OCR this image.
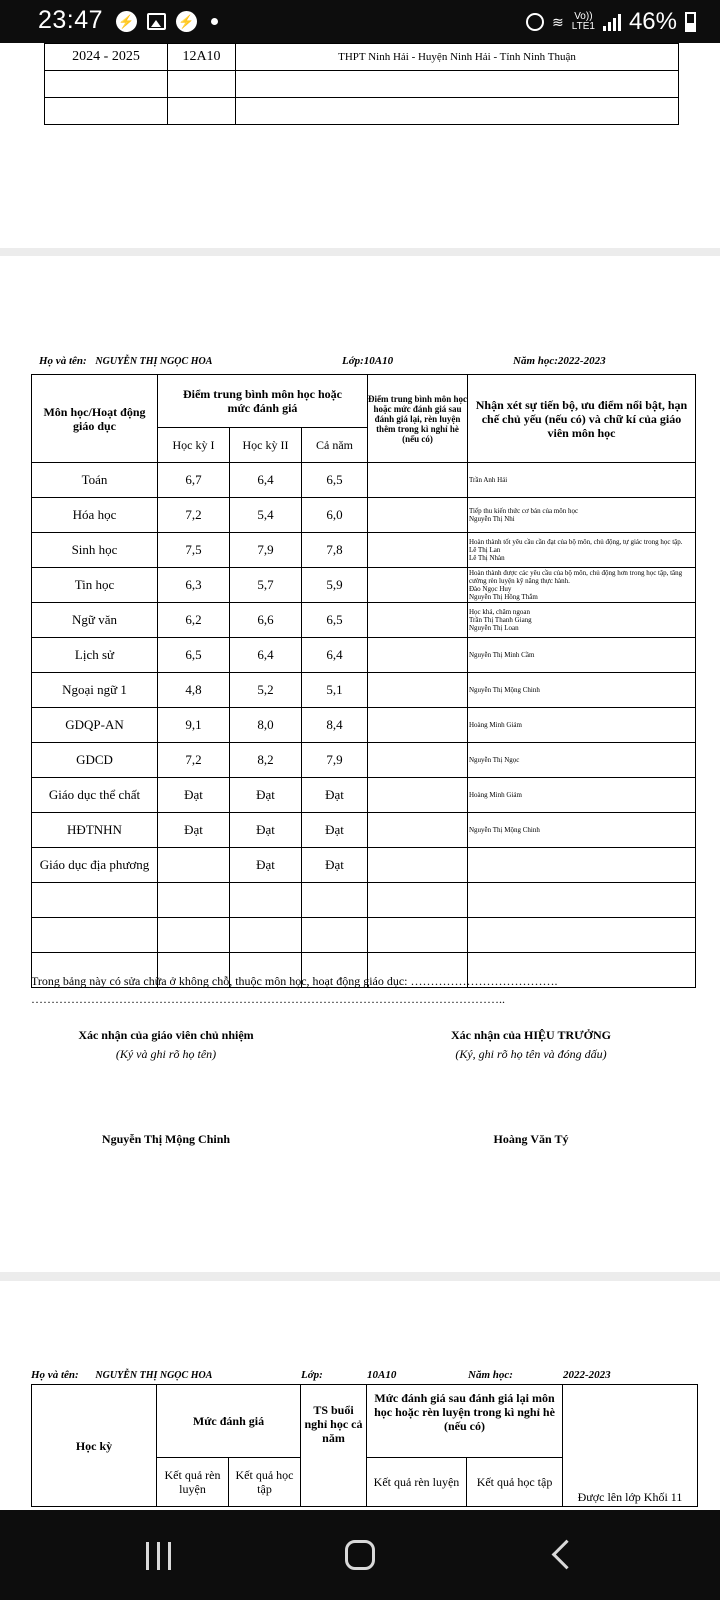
23:47 ⚡	⚡	≋ Vo))
LTE1 46%
2024 - 2025	12A10	THPT Ninh Hải - Huyện Ninh Hải - Tỉnh Ninh Thuận

Họ và tên: NGUYỄN THỊ NGỌC HOA	Lớp:10A10	Năm học:2022-2023
Môn học/Hoạt động giáo dục	Điểm trung bình môn học hoặc mức đánh giá			Điểm trung bình môn học hoặc mức đánh giá sau đánh giá lại, rèn luyện thêm trong kì nghỉ hè (nếu có)	Nhận xét sự tiến bộ, ưu điểm nổi bật, hạn chế chủ yếu (nếu có) và chữ kí của giáo viên môn học
	Học kỳ I	Học kỳ II	Cả năm		
Toán	6,7	6,4	6,5		Trần Anh Hải
Hóa học	7,2	5,4	6,0		Tiếp thu kiến thức cơ bản của môn học
Nguyễn Thị Nhi
Sinh học	7,5	7,9	7,8		Hoàn thành tốt yêu cầu cần đạt của bộ môn, chủ động, tự giác trong học tập.
Lê Thị Lan
Lê Thị Nhàn
Tin học	6,3	5,7	5,9		Hoàn thành được các yêu cầu của bộ môn, chủ động hơn trong học tập, tăng cường rèn luyện kỹ năng thực hành.
Đào Ngọc Huy
Nguyễn Thị Hồng Thắm
Ngữ văn	6,2	6,6	6,5		Học khá, chăm ngoan
Trần Thị Thanh Giang
Nguyễn Thị Loan
Lịch sử	6,5	6,4	6,4		Nguyễn Thị Minh Cầm
Ngoại ngữ 1	4,8	5,2	5,1		Nguyễn Thị Mộng Chinh
GDQP-AN	9,1	8,0	8,4		Hoàng Minh Giám
GDCD	7,2	8,2	7,9		Nguyễn Thị Ngọc
Giáo dục thể chất	Đạt	Đạt	Đạt		Hoàng Minh Giám
HĐTNHN	Đạt	Đạt	Đạt		Nguyễn Thị Mộng Chinh
Giáo dục địa phương		Đạt	Đạt		

Trong bảng này có sửa chữa ở không chỗ, thuộc môn học, hoạt động giáo dục: ……………………………….
………………………………………………………………………………………………………..
Xác nhận của giáo viên chủ nhiệm
(Ký và ghi rõ họ tên)
Nguyễn Thị Mộng Chinh
Xác nhận của HIỆU TRƯỞNG
(Ký, ghi rõ họ tên và đóng dấu)
Hoàng Văn Tý
Họ và tên: NGUYỄN THỊ NGỌC HOA	Lớp:	10A10	Năm học:	2022-2023
Học kỳ	Mức đánh giá		TS buổi nghỉ học cả năm	Mức đánh giá sau đánh giá lại môn học hoặc rèn luyện trong kì nghỉ hè (nếu có)		Được lên lớp Khối 11
	Kết quả rèn luyện	Kết quả học tập		Kết quả rèn luyện	Kết quả học tập	
